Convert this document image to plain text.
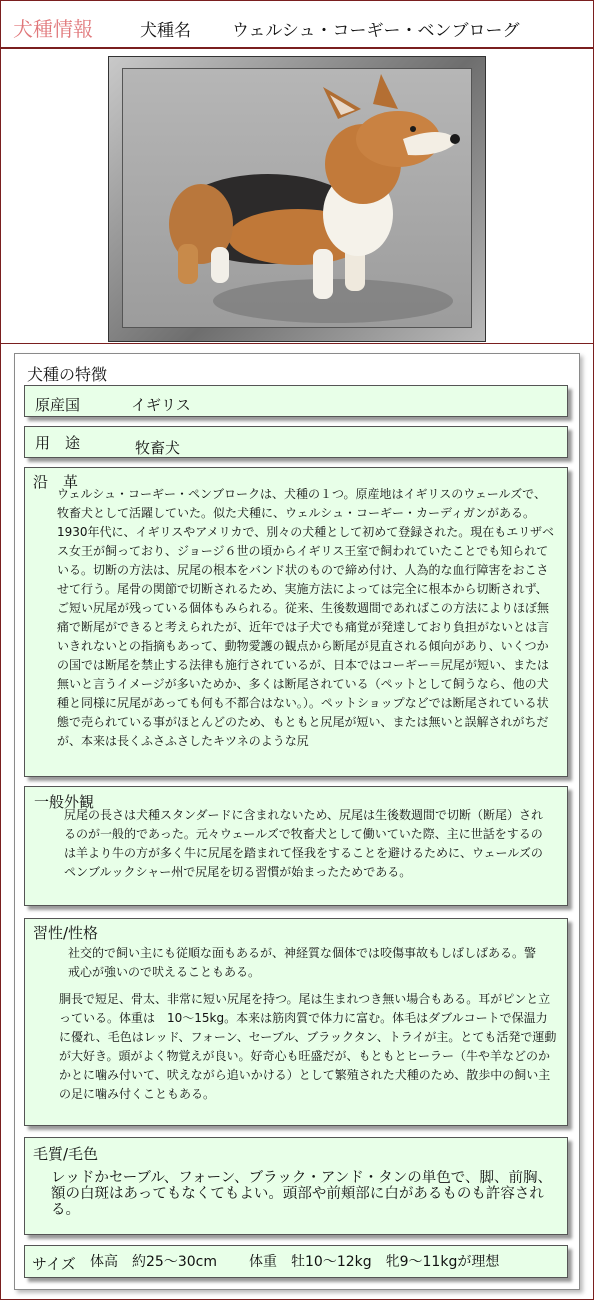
犬種情報	犬種名 ウェルシュ・コーギー・ベンブローグ
犬種の特徴
原産国	イギリス
用　途	牧畜犬
沿　革
ウェルシュ・コーギー・ペンブロークは、犬種の１つ。原産地はイギリスのウェールズで、牧畜犬として活躍していた。似た犬種に、ウェルシュ・コーギー・カーディガンがある。1930年代に、イギリスやアメリカで、別々の犬種として初めて登録された。現在もエリザベス女王が飼っており、ジョージ６世の頃からイギリス王室で飼われていたことでも知られている。切断の方法は、尻尾の根本をバンド状のもので締め付け、人為的な血行障害をおこさせて行う。尾骨の関節で切断されるため、実施方法によっては完全に根本から切断されず、ご短い尻尾が残っている個体もみられる。従来、生後数週間であればこの方法によりほぼ無痛で断尾ができると考えられたが、近年では子犬でも痛覚が発達しており負担がないとは言いきれないとの指摘もあって、動物愛護の観点から断尾が見直される傾向があり、いくつかの国では断尾を禁止する法律も施行されているが、日本ではコーギー＝尻尾が短い、または無いと言うイメージが多いためか、多くは断尾されている（ペットとして飼うなら、他の犬種と同様に尻尾があっても何も不都合はない。）。ペットショップなどでは断尾されている状態で売られている事がほとんどのため、もともと尻尾が短い、または無いと誤解されがちだが、本来は長くふさふさしたキツネのような尻
一般外観
尻尾の長さは犬種スタンダードに含まれないため、尻尾は生後数週間で切断（断尾）されるのが一般的であった。元々ウェールズで牧畜犬として働いていた際、主に世話をするのは羊より牛の方が多く牛に尻尾を踏まれて怪我をすることを避けるために、ウェールズのペンブルックシャー州で尻尾を切る習慣が始まったためである。
習性/性格
社交的で飼い主にも従順な面もあるが、神経質な個体では咬傷事故もしばしばある。警戒心が強いので吠えることもある。
胴長で短足、骨太、非常に短い尻尾を持つ。尾は生まれつき無い場合もある。耳がピンと立っている。体重は　10～15kg。本来は筋肉質で体力に富む。体毛はダブルコートで保温力に優れ、毛色はレッド、フォーン、セーブル、ブラックタン、トライが主。とても活発で運動が大好き。頭がよく物覚えが良い。好奇心も旺盛だが、もともとヒーラー（牛や羊などのかかとに噛み付いて、吠えながら追いかける）として繁殖された犬種のため、散歩中の飼い主の足に噛み付くこともある。
毛質/毛色
レッドかセーブル、フォーン、ブラック・アンド・タンの単色で、脚、前胸、額の白斑はあってもなくてもよい。頭部や前頬部に白があるものも許容される。
サイズ 体高　約25～30cm 体重　牡10～12kg　牝9～11kgが理想
